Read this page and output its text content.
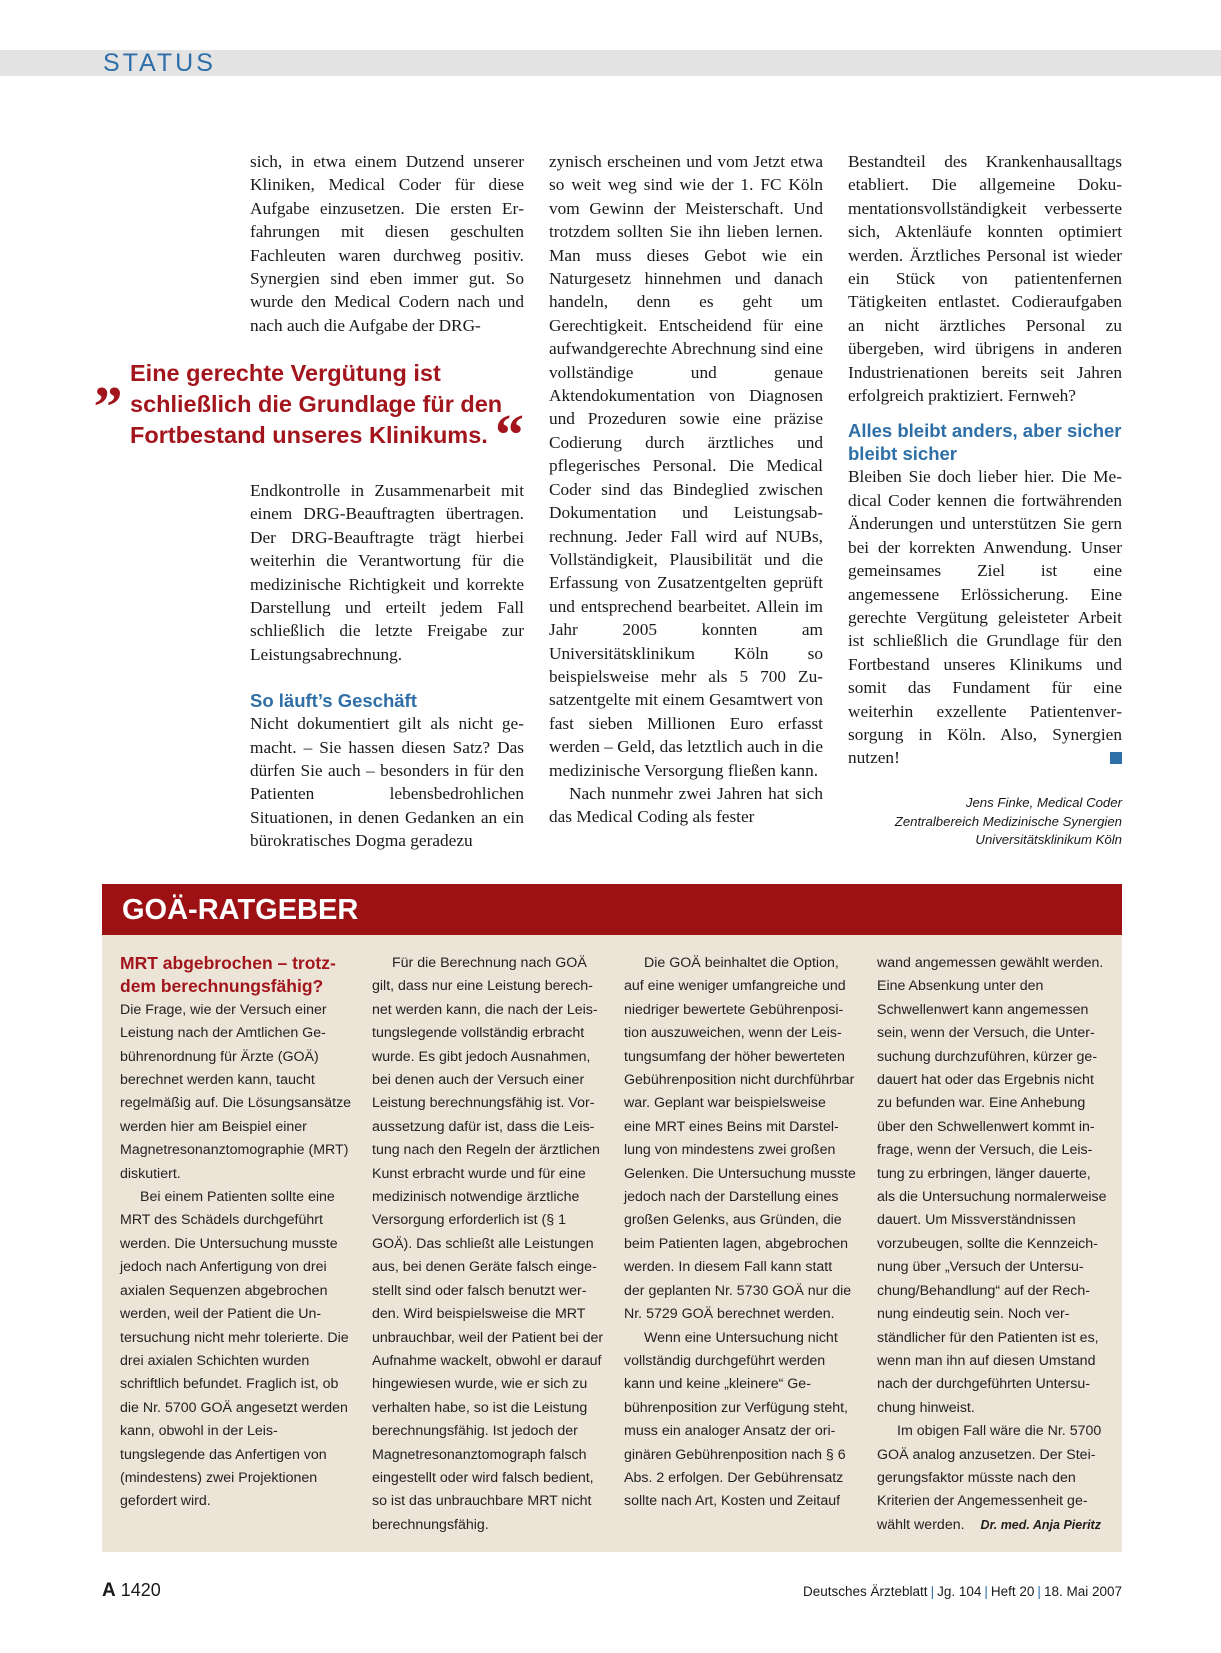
STATUS

sich, in etwa einem Dutzend unserer Kliniken, Medical Coder für diese Aufgabe einzusetzen. Die ersten Erfahrungen mit diesen geschulten Fachleuten waren durchweg positiv. Synergien sind eben immer gut. So wurde den Medical Codern nach und nach auch die Aufgabe der DRG-

„ Eine gerechte Vergütung ist schließlich die Grundlage für den Fortbestand unseres Klinikums. “

Endkontrolle in Zusammenarbeit mit einem DRG-Beauftragten übertragen. Der DRG-Beauftragte trägt hierbei weiterhin die Verantwortung für die medizinische Richtigkeit und korrekte Darstellung und erteilt jedem Fall schließlich die letzte Freigabe zur Leistungsabrechnung.

So läuft’s Geschäft

Nicht dokumentiert gilt als nicht gemacht. – Sie hassen diesen Satz? Das dürfen Sie auch – besonders in für den Patienten lebensbedrohlichen Situationen, in denen Gedanken an ein bürokratisches Dogma geradezu

zynisch erscheinen und vom Jetzt etwa so weit weg sind wie der 1. FC Köln vom Gewinn der Meisterschaft. Und trotzdem sollten Sie ihn lieben lernen. Man muss dieses Gebot wie ein Naturgesetz hinnehmen und danach handeln, denn es geht um Gerechtigkeit. Entscheidend für eine aufwandgerechte Abrechnung sind eine vollständige und genaue Aktendokumentation von Diagnosen und Prozeduren sowie eine präzise Codierung durch ärztliches und pflegerisches Personal. Die Medical Coder sind das Bindeglied zwischen Dokumentation und Leistungsabrechnung. Jeder Fall wird auf NUBs, Vollständigkeit, Plausibilität und die Erfassung von Zusatzentgelten geprüft und entsprechend bearbeitet. Allein im Jahr 2005 konnten am Universitätsklinikum Köln so beispielsweise mehr als 5 700 Zusatzentgelte mit einem Gesamtwert von fast sieben Millionen Euro erfasst werden – Geld, das letztlich auch in die medizinische Versorgung fließen kann.

Nach nunmehr zwei Jahren hat sich das Medical Coding als fester

Bestandteil des Krankenhausalltags etabliert. Die allgemeine Dokumentationsvollständigkeit verbesserte sich, Aktenläufe konnten optimiert werden. Ärztliches Personal ist wieder ein Stück von patientenfernen Tätigkeiten entlastet. Codieraufgaben an nicht ärztliches Personal zu übergeben, wird übrigens in anderen Industrienationen bereits seit Jahren erfolgreich praktiziert. Fernweh?

Alles bleibt anders, aber sicher bleibt sicher

Bleiben Sie doch lieber hier. Die Medical Coder kennen die fortwährenden Änderungen und unterstützen Sie gern bei der korrekten Anwendung. Unser gemeinsames Ziel ist eine angemessene Erlössicherung. Eine gerechte Vergütung geleisteter Arbeit ist schließlich die Grundlage für den Fortbestand unseres Klinikums und somit das Fundament für eine weiterhin exzellente Patientenversorgung in Köln. Also, Synergien nutzen!

Jens Finke, Medical Coder
Zentralbereich Medizinische Synergien
Universitätsklinikum Köln
GOÄ-RATGEBER

MRT abgebrochen – trotzdem berechnungsfähig?

Die Frage, wie der Versuch einer Leistung nach der Amtlichen Gebührenordnung für Ärzte (GOÄ) berechnet werden kann, taucht regelmäßig auf. Die Lösungsansätze werden hier am Beispiel einer Magnetresonanztomographie (MRT) diskutiert.

Bei einem Patienten sollte eine MRT des Schädels durchgeführt werden. Die Untersuchung musste jedoch nach Anfertigung von drei axialen Sequenzen abgebrochen werden, weil der Patient die Untersuchung nicht mehr tolerierte. Die drei axialen Schichten wurden schriftlich befundet. Fraglich ist, ob die Nr. 5700 GOÄ angesetzt werden kann, obwohl in der Leistungslegende das Anfertigen von (mindestens) zwei Projektionen gefordert wird.

Für die Berechnung nach GOÄ gilt, dass nur eine Leistung berechnet werden kann, die nach der Leistungslegende vollständig erbracht wurde. Es gibt jedoch Ausnahmen, bei denen auch der Versuch einer Leistung berechnungsfähig ist. Voraussetzung dafür ist, dass die Leistung nach den Regeln der ärztlichen Kunst erbracht wurde und für eine medizinisch notwendige ärztliche Versorgung erforderlich ist (§ 1 GOÄ). Das schließt alle Leistungen aus, bei denen Geräte falsch eingestellt sind oder falsch benutzt werden. Wird beispielsweise die MRT unbrauchbar, weil der Patient bei der Aufnahme wackelt, obwohl er darauf hingewiesen wurde, wie er sich zu verhalten habe, so ist die Leistung berechnungsfähig. Ist jedoch der Magnetresonanztomograph falsch eingestellt oder wird falsch bedient, so ist das unbrauchbare MRT nicht berechnungsfähig.

Die GOÄ beinhaltet die Option, auf eine weniger umfangreiche und niedriger bewertete Gebührenposition auszuweichen, wenn der Leistungsumfang der höher bewerteten Gebührenposition nicht durchführbar war. Geplant war beispielsweise eine MRT eines Beins mit Darstellung von mindestens zwei großen Gelenken. Die Untersuchung musste jedoch nach der Darstellung eines großen Gelenks, aus Gründen, die beim Patienten lagen, abgebrochen werden. In diesem Fall kann statt der geplanten Nr. 5730 GOÄ nur die Nr. 5729 GOÄ berechnet werden.

Wenn eine Untersuchung nicht vollständig durchgeführt werden kann und keine „kleinere“ Gebührenposition zur Verfügung steht, muss ein analoger Ansatz der originären Gebührenposition nach § 6 Abs. 2 erfolgen. Der Gebührensatz sollte nach Art, Kosten und Zeitauf

wand angemessen gewählt werden. Eine Absenkung unter den Schwellenwert kann angemessen sein, wenn der Versuch, die Untersuchung durchzuführen, kürzer gedauert hat oder das Ergebnis nicht zu befunden war. Eine Anhebung über den Schwellenwert kommt infrage, wenn der Versuch, die Leistung zu erbringen, länger dauerte, als die Untersuchung normalerweise dauert. Um Missverständnissen vorzubeugen, sollte die Kennzeichnung über „Versuch der Untersuchung/Behandlung“ auf der Rechnung eindeutig sein. Noch verständlicher für den Patienten ist es, wenn man ihn auf diesen Umstand nach der durchgeführten Untersuchung hinweist.

Im obigen Fall wäre die Nr. 5700 GOÄ analog anzusetzen. Der Steigerungsfaktor müsste nach den Kriterien der Angemessenheit gewählt werden. Dr. med. Anja Pieritz

A 1420	Deutsches Ärzteblatt | Jg. 104 | Heft 20 | 18. Mai 2007
